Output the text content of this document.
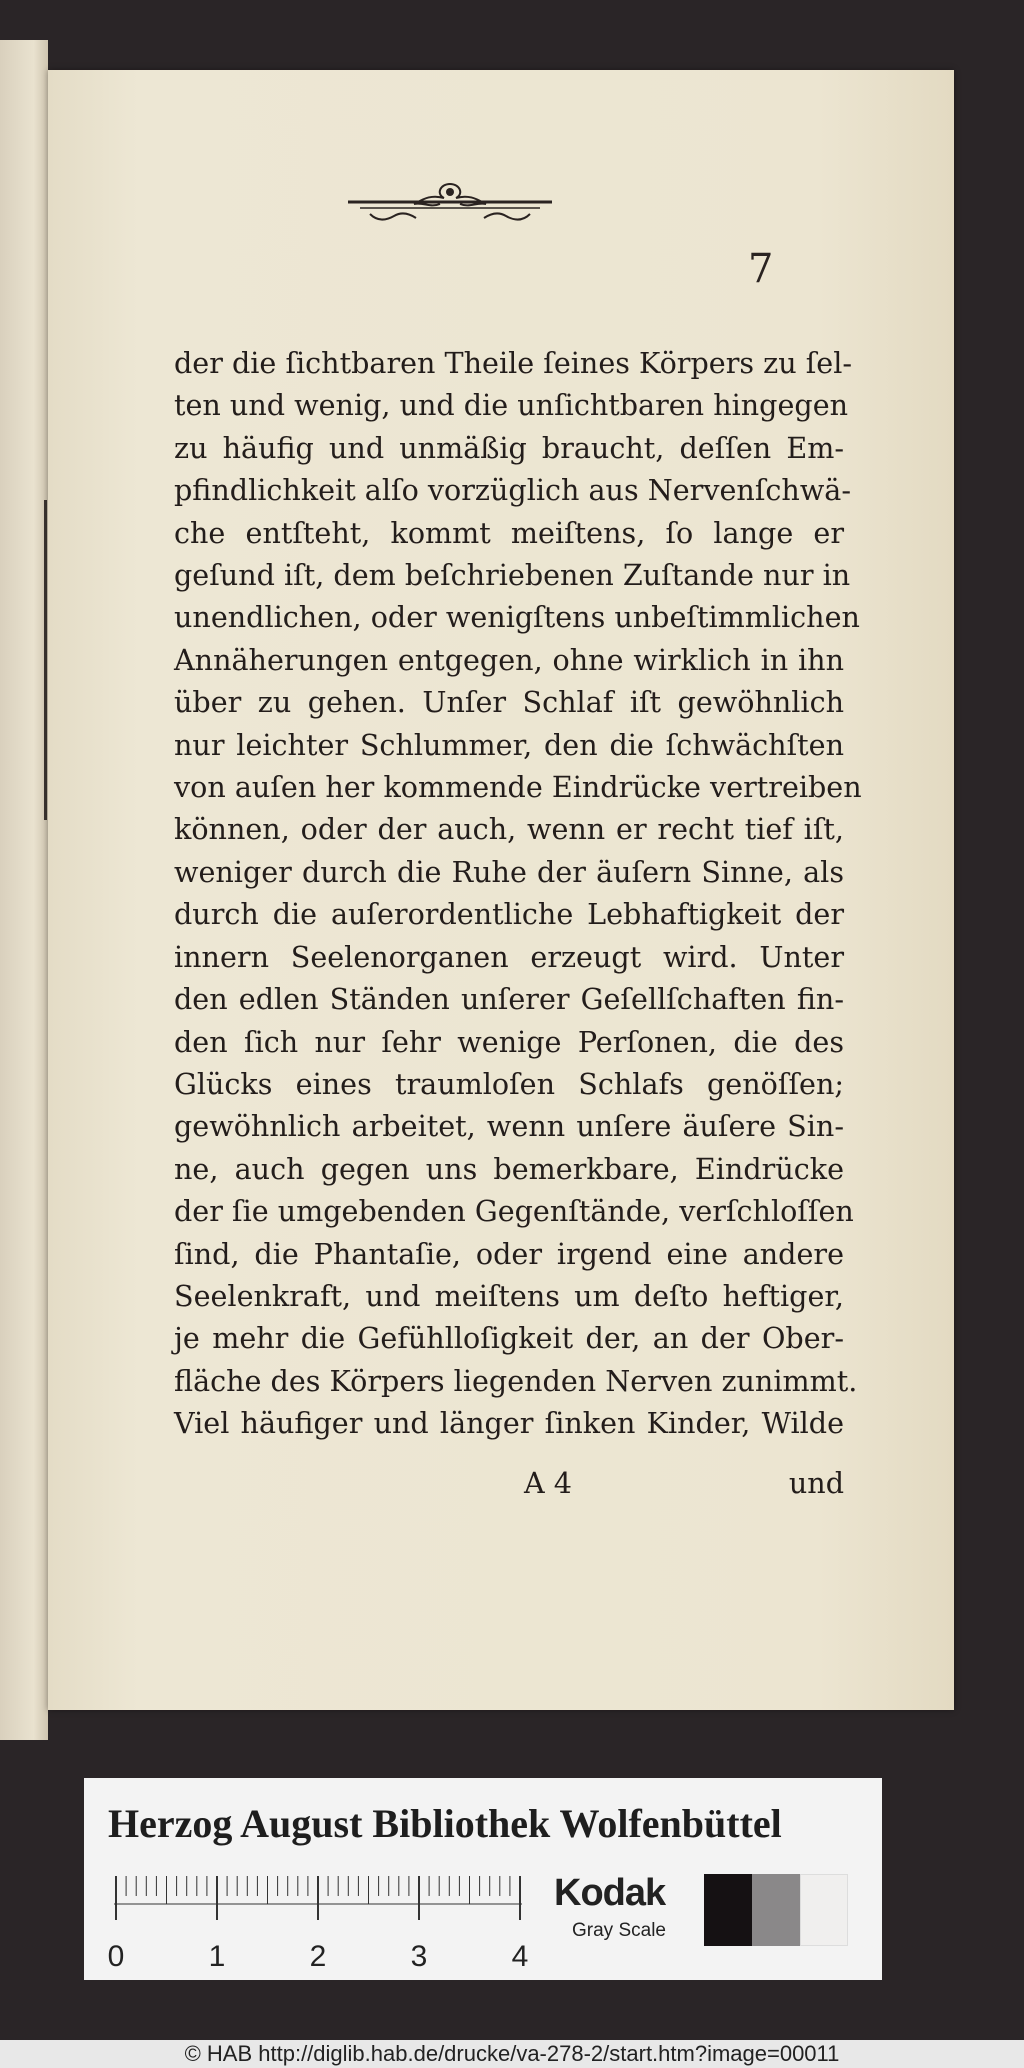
7
der die ſichtbaren Theile ſeines Körpers zu ſel-
ten und wenig, und die unſichtbaren hingegen
zu häufig und unmäßig braucht, deſſen Em-
pfindlichkeit alſo vorzüglich aus Nervenſchwä-
che entſteht, kommt meiſtens, ſo lange er
geſund iſt, dem beſchriebenen Zuſtande nur in
unendlichen, oder wenigſtens unbeſtimmlichen
Annäherungen entgegen, ohne wirklich in ihn
über zu gehen. Unſer Schlaf iſt gewöhnlich
nur leichter Schlummer, den die ſchwächſten
von auſen her kommende Eindrücke vertreiben
können, oder der auch, wenn er recht tief iſt,
weniger durch die Ruhe der äuſern Sinne, als
durch die auſerordentliche Lebhaftigkeit der
innern Seelenorganen erzeugt wird. Unter
den edlen Ständen unſerer Geſellſchaften fin-
den ſich nur ſehr wenige Perſonen, die des
Glücks eines traumloſen Schlafs genöſſen;
gewöhnlich arbeitet, wenn unſere äuſere Sin-
ne, auch gegen uns bemerkbare, Eindrücke
der ſie umgebenden Gegenſtände, verſchloſſen
ſind, die Phantaſie, oder irgend eine andere
Seelenkraft, und meiſtens um deſto heftiger,
je mehr die Gefühlloſigkeit der, an der Ober-
fläche des Körpers liegenden Nerven zunimmt.
Viel häufiger und länger ſinken Kinder, Wilde
A 4	und
Herzog August Bibliothek Wolfenbüttel
0	1	2	3	4
Kodak
Gray Scale
© HAB http://diglib.hab.de/drucke/va-278-2/start.htm?image=00011
